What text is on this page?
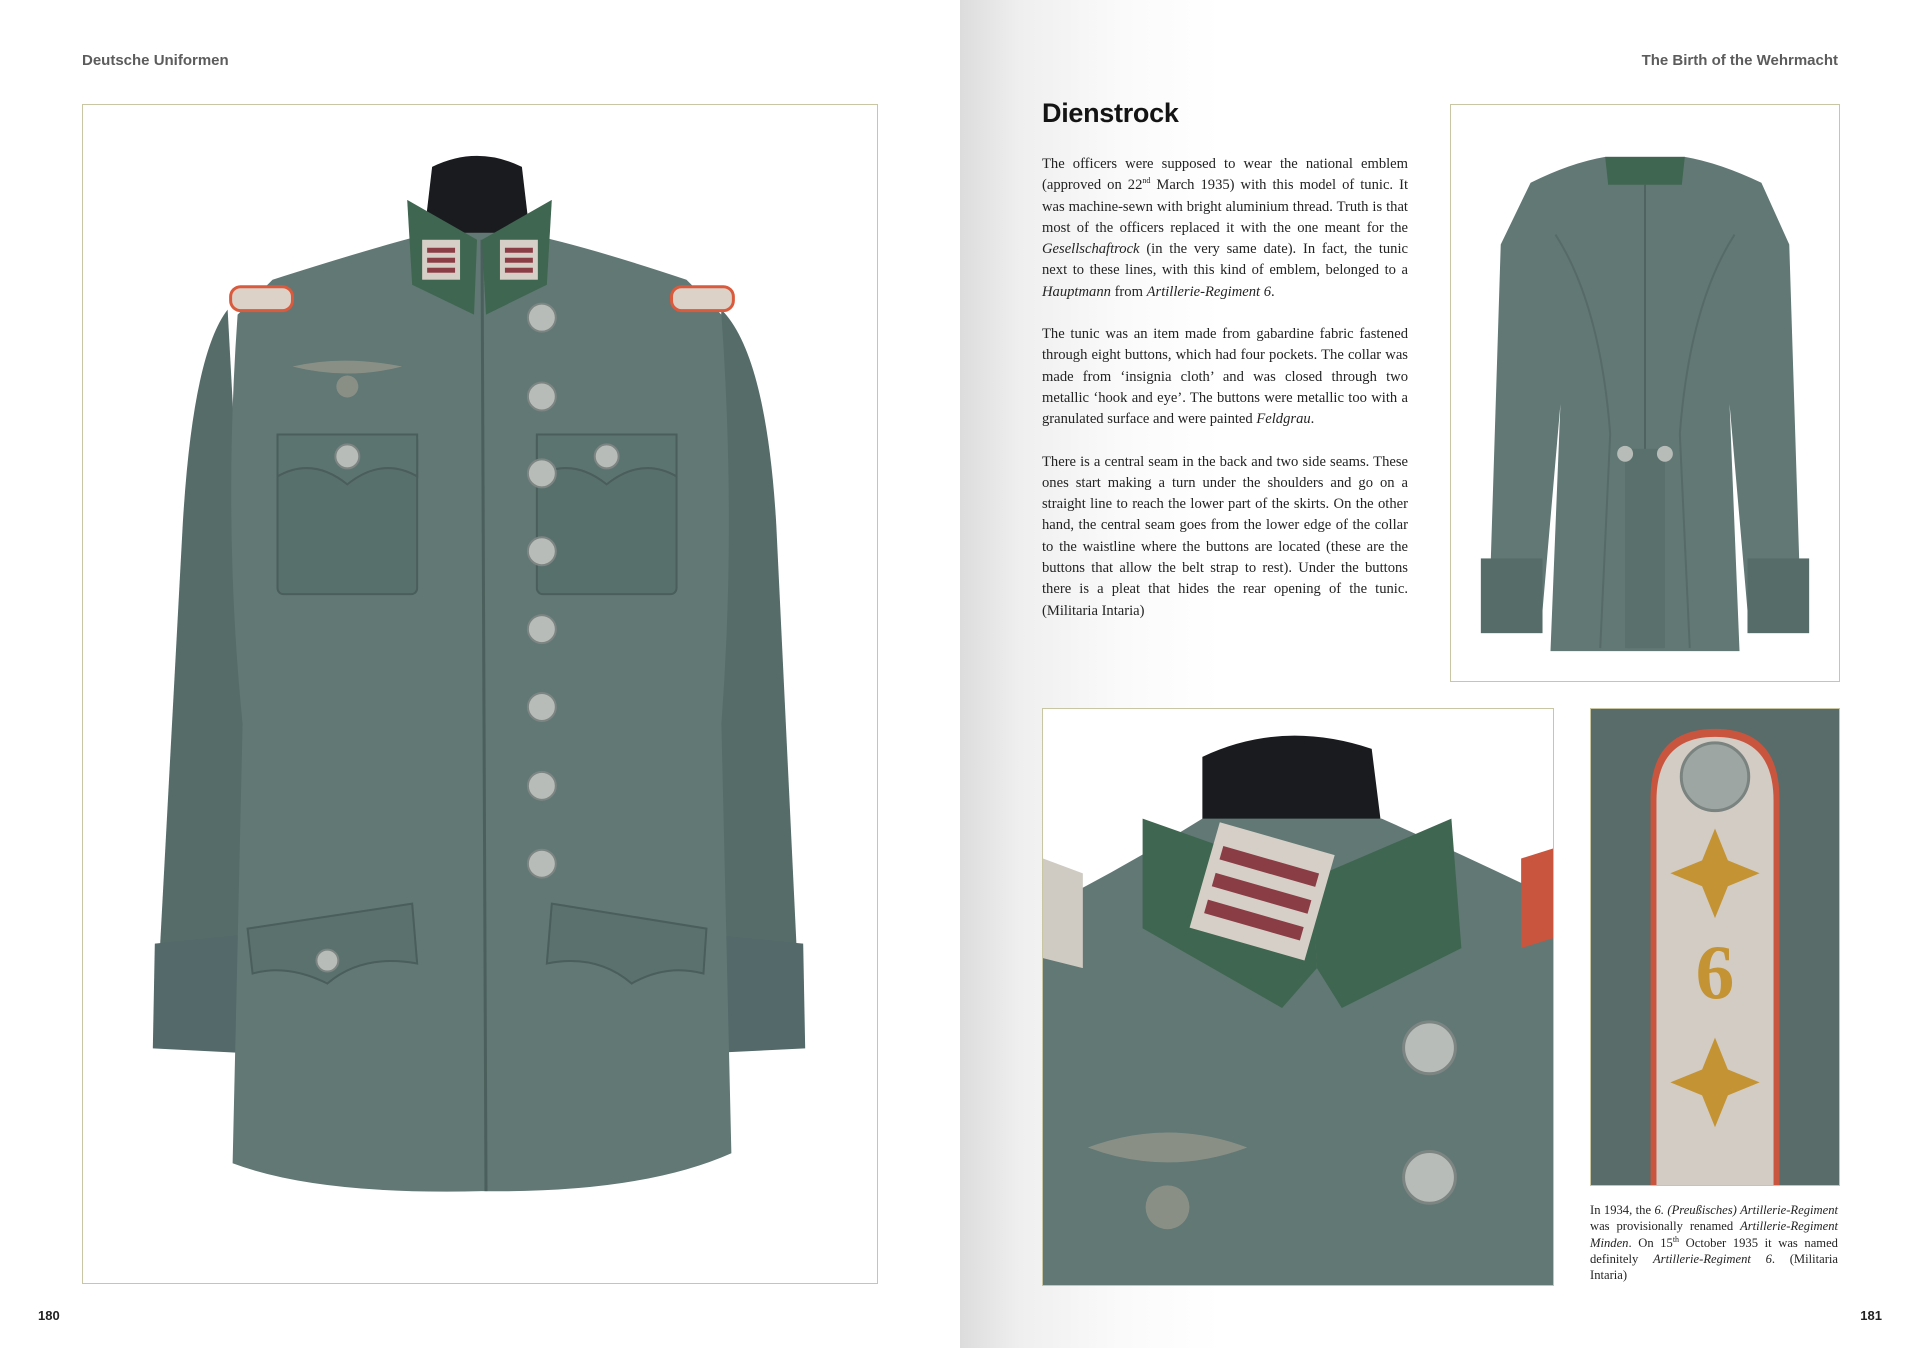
Deutsche Uniformen
180
The Birth of the Wehrmacht
181
Dienstrock

The officers were supposed to wear the national emblem (approved on 22nd March 1935) with this model of tunic. It was machine-sewn with bright aluminium thread. Truth is that most of the officers replaced it with the one meant for the Gesellschaftrock (in the very same date). In fact, the tunic next to these lines, with this kind of emblem, belonged to a Hauptmann from Artillerie-Regiment 6.

The tunic was an item made from gabardine fabric fastened through eight buttons, which had four pockets. The collar was made from ‘insignia cloth’ and was closed through two metallic ‘hook and eye’. The buttons were metallic too with a granulated surface and were painted Feldgrau.

There is a central seam in the back and two side seams. These ones start making a turn under the shoulders and go on a straight line to reach the lower part of the skirts. On the other hand, the central seam goes from the lower edge of the collar to the waistline where the buttons are located (these are the buttons that allow the belt strap to rest). Under the buttons there is a pleat that hides the rear opening of the tunic. (Militaria Intaria)

6
In 1934, the 6. (Preußisches) Artillerie-Regiment was provisionally renamed Artillerie-Regiment Minden. On 15th October 1935 it was named definitely Artillerie-Regiment 6. (Militaria Intaria)
